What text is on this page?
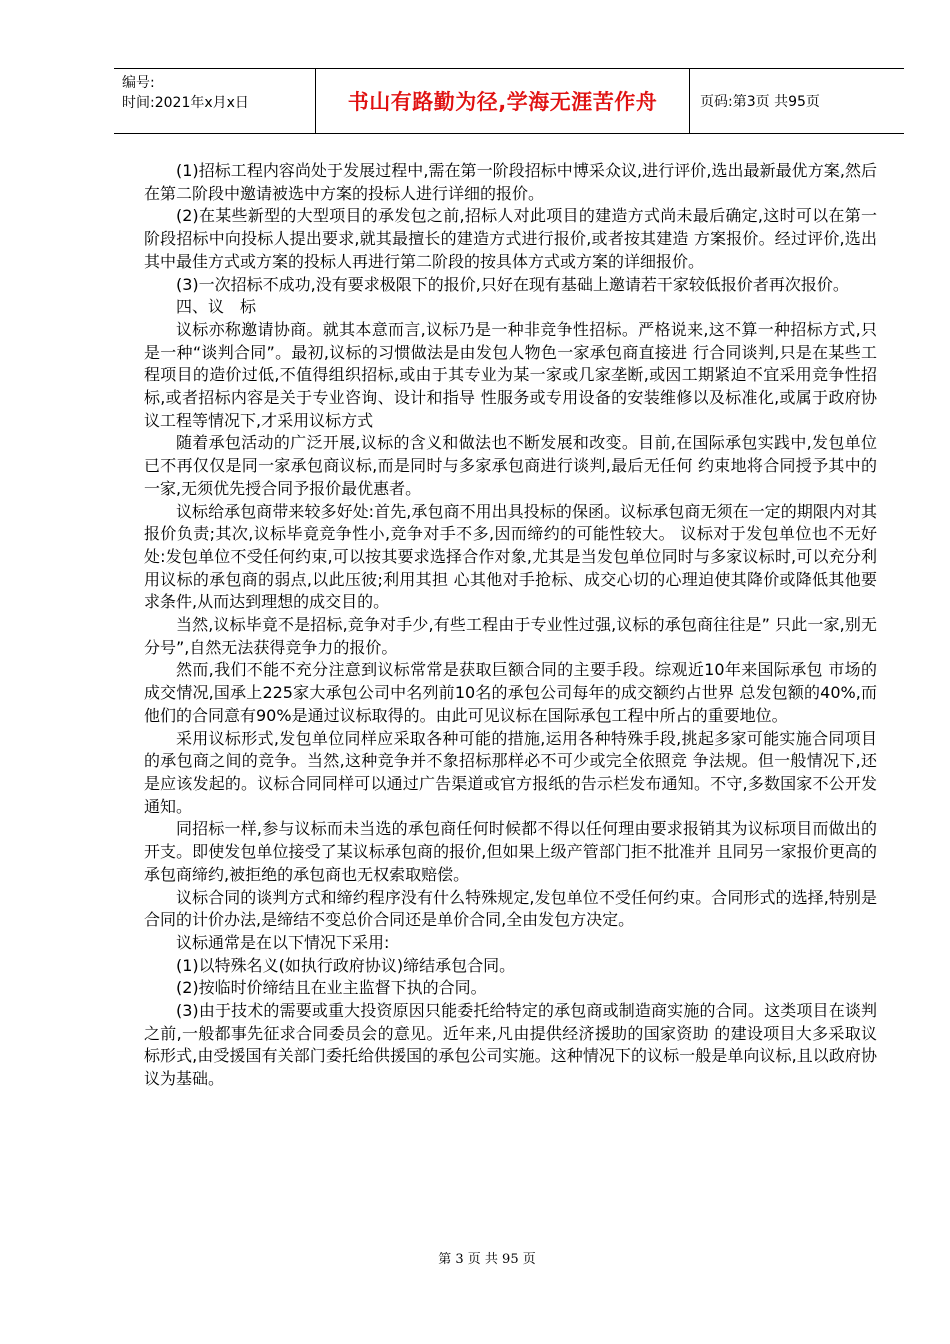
编号:
时间:2021年x月x日	书山有路勤为径,学海无涯苦作舟	页码:第3页 共95页

(1)招标工程内容尚处于发展过程中,需在第一阶段招标中博采众议,进行评价,选出最新最优方案,然后在第二阶段中邀请被选中方案的投标人进行详细的报价。

(2)在某些新型的大型项目的承发包之前,招标人对此项目的建造方式尚未最后确定,这时可以在第一阶段招标中向投标人提出要求,就其最擅长的建造方式进行报价,或者按其建造 方案报价。经过评价,选出其中最佳方式或方案的投标人再进行第二阶段的按具体方式或方案的详细报价。

(3)一次招标不成功,没有要求极限下的报价,只好在现有基础上邀请若干家较低报价者再次报价。

四、议　标

议标亦称邀请协商。就其本意而言,议标乃是一种非竞争性招标。严格说来,这不算一种招标方式,只是一种“谈判合同”。最初,议标的习惯做法是由发包人物色一家承包商直接进 行合同谈判,只是在某些工程项目的造价过低,不值得组织招标,或由于其专业为某一家或几家垄断,或因工期紧迫不宜采用竞争性招标,或者招标内容是关于专业咨询、设计和指导 性服务或专用设备的安装维修以及标准化,或属于政府协议工程等情况下,才采用议标方式

随着承包活动的广泛开展,议标的含义和做法也不断发展和改变。目前,在国际承包实践中,发包单位已不再仅仅是同一家承包商议标,而是同时与多家承包商进行谈判,最后无任何 约束地将合同授予其中的一家,无须优先授合同予报价最优惠者。

议标给承包商带来较多好处:首先,承包商不用出具投标的保函。议标承包商无须在一定的期限内对其报价负责;其次,议标毕竟竞争性小,竞争对手不多,因而缔约的可能性较大。 议标对于发包单位也不无好处:发包单位不受任何约束,可以按其要求选择合作对象,尤其是当发包单位同时与多家议标时,可以充分利用议标的承包商的弱点,以此压彼;利用其担 心其他对手抢标、成交心切的心理迫使其降价或降低其他要求条件,从而达到理想的成交目的。

当然,议标毕竟不是招标,竞争对手少,有些工程由于专业性过强,议标的承包商往往是” 只此一家,别无分号”,自然无法获得竞争力的报价。

然而,我们不能不充分注意到议标常常是获取巨额合同的主要手段。综观近10年来国际承包 市场的成交情况,国承上225家大承包公司中名列前10名的承包公司每年的成交额约占世界 总发包额的40%,而他们的合同意有90%是通过议标取得的。由此可见议标在国际承包工程中所占的重要地位。

采用议标形式,发包单位同样应采取各种可能的措施,运用各种特殊手段,挑起多家可能实施合同项目的承包商之间的竞争。当然,这种竞争并不象招标那样必不可少或完全依照竞 争法规。但一般情况下,还是应该发起的。议标合同同样可以通过广告渠道或官方报纸的告示栏发布通知。不守,多数国家不公开发通知。

同招标一样,参与议标而未当选的承包商任何时候都不得以任何理由要求报销其为议标项目而做出的开支。即使发包单位接受了某议标承包商的报价,但如果上级产管部门拒不批准并 且同另一家报价更高的承包商缔约,被拒绝的承包商也无权索取赔偿。

议标合同的谈判方式和缔约程序没有什么特殊规定,发包单位不受任何约束。合同形式的选择,特别是合同的计价办法,是缔结不变总价合同还是单价合同,全由发包方决定。

议标通常是在以下情况下采用:

(1)以特殊名义(如执行政府协议)缔结承包合同。

(2)按临时价缔结且在业主监督下执的合同。

(3)由于技术的需要或重大投资原因只能委托给特定的承包商或制造商实施的合同。这类项目在谈判之前,一般都事先征求合同委员会的意见。近年来,凡由提供经济援助的国家资助 的建设项目大多采取议标形式,由受援国有关部门委托给供援国的承包公司实施。这种情况下的议标一般是单向议标,且以政府协议为基础。

第 3 页 共 95 页
